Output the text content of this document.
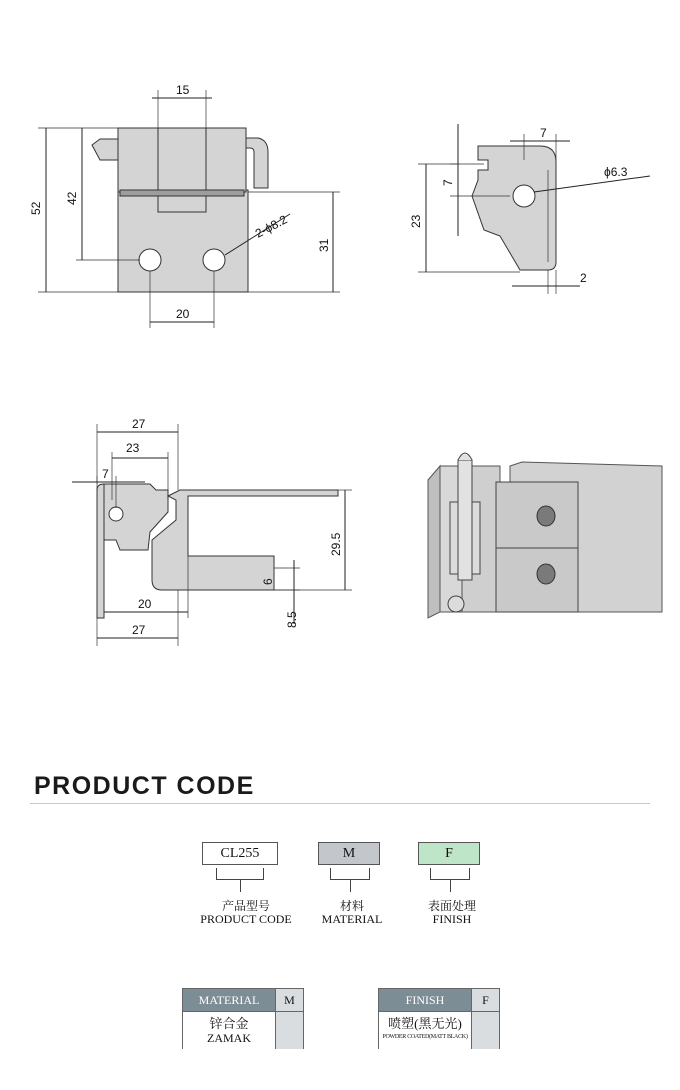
15
52
42
31
20
2-ϕ8.2
7
7
23
2
ϕ6.3
27
23
7
29.5
6
8.5
20
27
PRODUCT CODE
CL255	M	F
产品型号
PRODUCT CODE
材料
MATERIAL
表面处理
FINISH
MATERIAL	M
锌合金
ZAMAK
FINISH	F
喷塑(黑无光)
POWDER COATED(MATT BLACK)
